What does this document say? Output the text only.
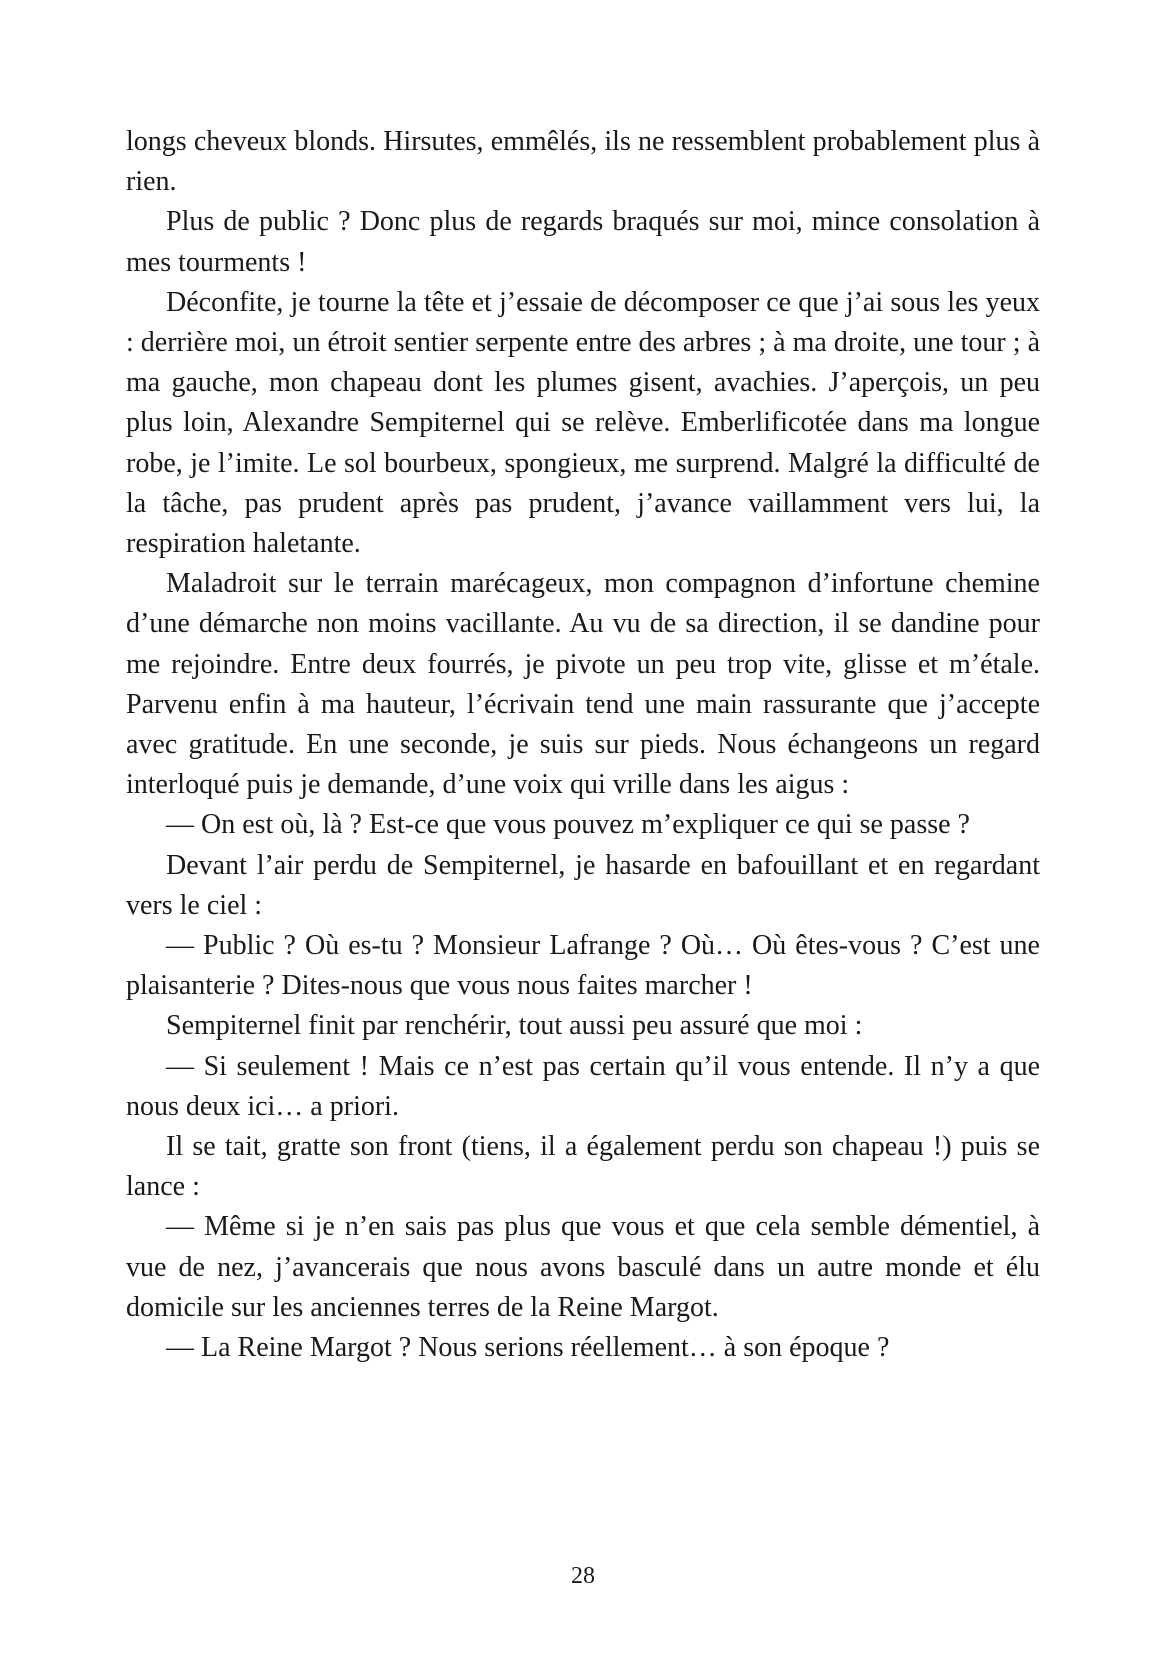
longs cheveux blonds. Hirsutes, emmêlés, ils ne ressemblent probablement plus à rien.

Plus de public ? Donc plus de regards braqués sur moi, mince consolation à mes tourments !

Déconfite, je tourne la tête et j’essaie de décomposer ce que j’ai sous les yeux : derrière moi, un étroit sentier serpente entre des arbres ; à ma droite, une tour ; à ma gauche, mon chapeau dont les plumes gisent, avachies. J’aperçois, un peu plus loin, Alexandre Sempiternel qui se relève. Emberlificotée dans ma longue robe, je l’imite. Le sol bourbeux, spongieux, me surprend. Malgré la difficulté de la tâche, pas prudent après pas prudent, j’avance vaillamment vers lui, la respiration haletante.

Maladroit sur le terrain marécageux, mon compagnon d’infortune chemine d’une démarche non moins vacillante. Au vu de sa direction, il se dandine pour me rejoindre. Entre deux fourrés, je pivote un peu trop vite, glisse et m’étale. Parvenu enfin à ma hauteur, l’écrivain tend une main rassurante que j’accepte avec gratitude. En une seconde, je suis sur pieds. Nous échangeons un regard interloqué puis je demande, d’une voix qui vrille dans les aigus :

— On est où, là ? Est-ce que vous pouvez m’expliquer ce qui se passe ?

Devant l’air perdu de Sempiternel, je hasarde en bafouillant et en regardant vers le ciel :

— Public ? Où es-tu ? Monsieur Lafrange ? Où… Où êtes-vous ? C’est une plaisanterie ? Dites-nous que vous nous faites marcher !

Sempiternel finit par renchérir, tout aussi peu assuré que moi :

— Si seulement ! Mais ce n’est pas certain qu’il vous entende. Il n’y a que nous deux ici… a priori.

Il se tait, gratte son front (tiens, il a également perdu son chapeau !) puis se lance :

— Même si je n’en sais pas plus que vous et que cela semble démentiel, à vue de nez, j’avancerais que nous avons basculé dans un autre monde et élu domicile sur les anciennes terres de la Reine Margot.

— La Reine Margot ? Nous serions réellement… à son époque ?

28
